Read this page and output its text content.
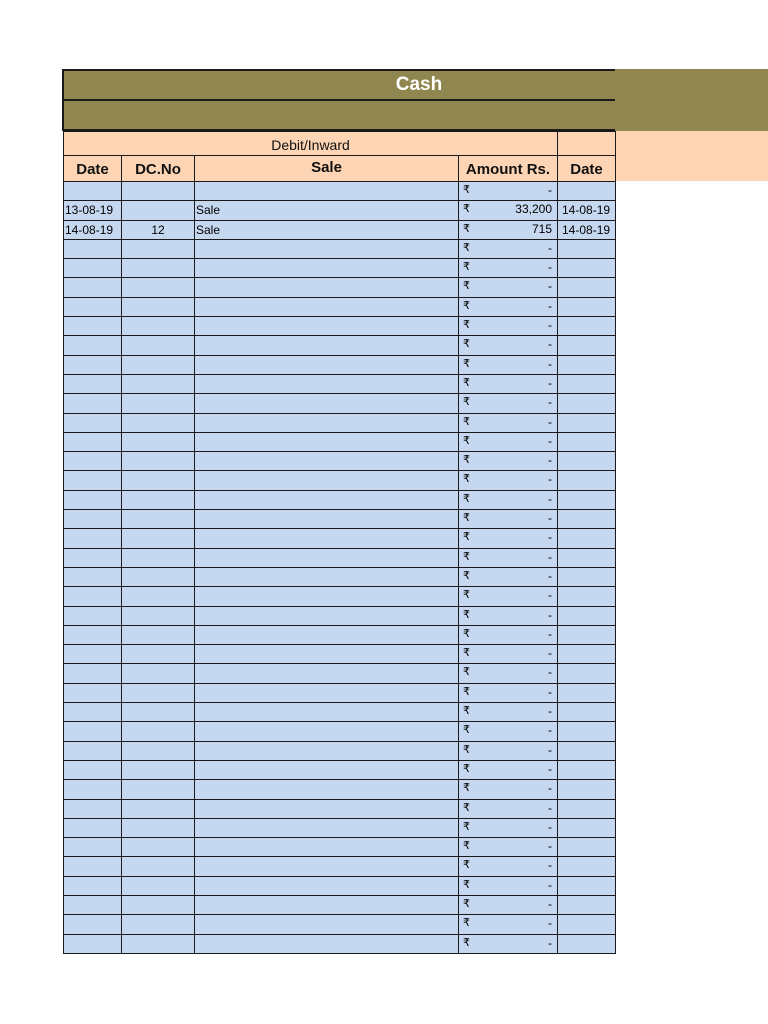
Cash
Debit/Inward
Date	DC.No	Sale	Amount Rs.	Date

			₹ -	

13-08-19		Sale	₹ 33,200	14-08-19
14-08-19	12	Sale	₹ 715	14-08-19

			₹ -	

			₹ -	

			₹ -	

			₹ -	

			₹ -	

			₹ -	

			₹ -	

			₹ -	

			₹ -	

			₹ -	

			₹ -	

			₹ -	

			₹ -	

			₹ -	

			₹ -	

			₹ -	

			₹ -	

			₹ -	

			₹ -	

			₹ -	

			₹ -	

			₹ -	

			₹ -	

			₹ -	

			₹ -	

			₹ -	

			₹ -	

			₹ -	

			₹ -	

			₹ -	

			₹ -	

			₹ -	

			₹ -	

			₹ -	

			₹ -	

			₹ -	

			₹ -	
